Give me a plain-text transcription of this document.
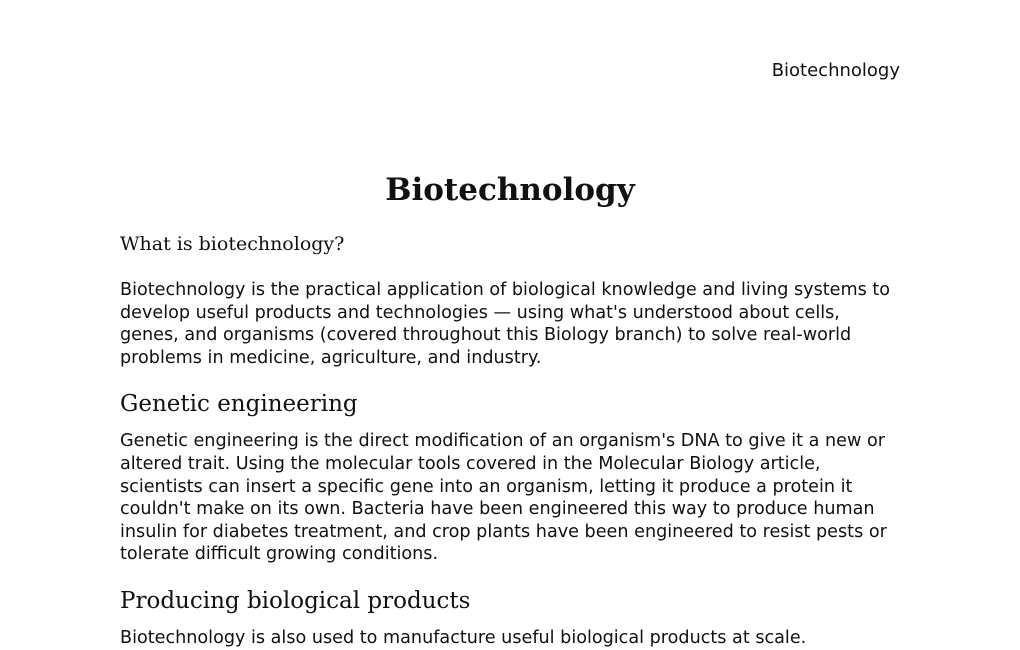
Biotechnology
Biotechnology
What is biotechnology?

Biotechnology is the practical application of biological knowledge and living systems to develop useful products and technologies — using what's understood about cells, genes, and organisms (covered throughout this Biology branch) to solve real-world problems in medicine, agriculture, and industry.

Genetic engineering

Genetic engineering is the direct modification of an organism's DNA to give it a new or altered trait. Using the molecular tools covered in the Molecular Biology article, scientists can insert a specific gene into an organism, letting it produce a protein it couldn't make on its own. Bacteria have been engineered this way to produce human insulin for diabetes treatment, and crop plants have been engineered to resist pests or tolerate difficult growing conditions.

Producing biological products

Biotechnology is also used to manufacture useful biological products at scale.
